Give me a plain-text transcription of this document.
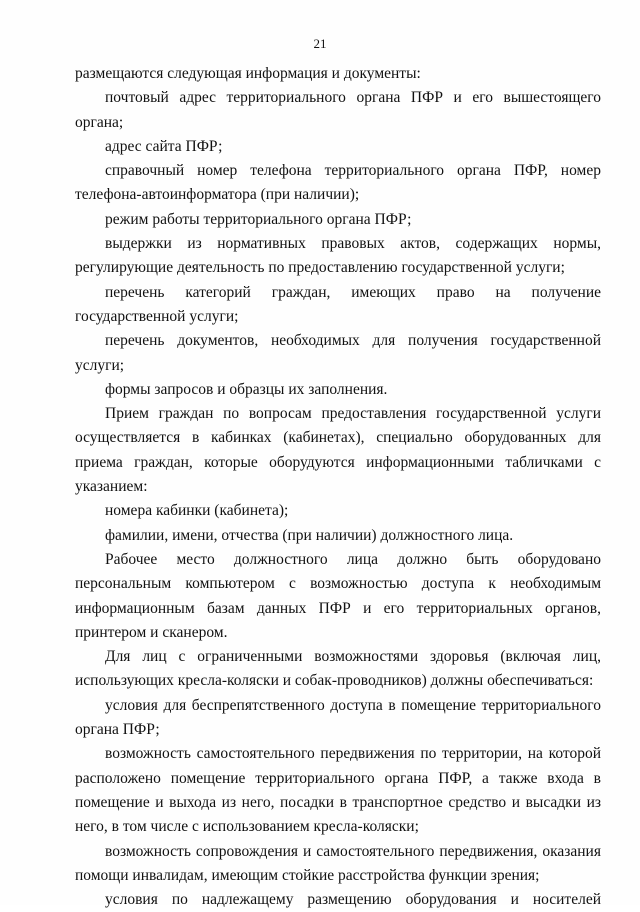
21

размещаются следующая информация и документы:

почтовый адрес территориального органа ПФР и его вышестоящего органа;

адрес сайта ПФР;

справочный номер телефона территориального органа ПФР, номер телефона-автоинформатора (при наличии);

режим работы территориального органа ПФР;

выдержки из нормативных правовых актов, содержащих нормы, регулирующие деятельность по предоставлению государственной услуги;

перечень категорий граждан, имеющих право на получение государственной услуги;

перечень документов, необходимых для получения государственной услуги;

формы запросов и образцы их заполнения.

Прием граждан по вопросам предоставления государственной услуги осуществляется в кабинках (кабинетах), специально оборудованных для приема граждан, которые оборудуются информационными табличками с указанием:

номера кабинки (кабинета);

фамилии, имени, отчества (при наличии) должностного лица.

Рабочее место должностного лица должно быть оборудовано персональным компьютером с возможностью доступа к необходимым информационным базам данных ПФР и его территориальных органов, принтером и сканером.

Для лиц с ограниченными возможностями здоровья (включая лиц, использующих кресла-коляски и собак-проводников) должны обеспечиваться:

условия для беспрепятственного доступа в помещение территориального органа ПФР;

возможность самостоятельного передвижения по территории, на которой расположено помещение территориального органа ПФР, а также входа в помещение и выхода из него, посадки в транспортное средство и высадки из него, в том числе с использованием кресла-коляски;

возможность сопровождения и самостоятельного передвижения, оказания помощи инвалидам, имеющим стойкие расстройства функции зрения;

условия по надлежащему размещению оборудования и носителей
